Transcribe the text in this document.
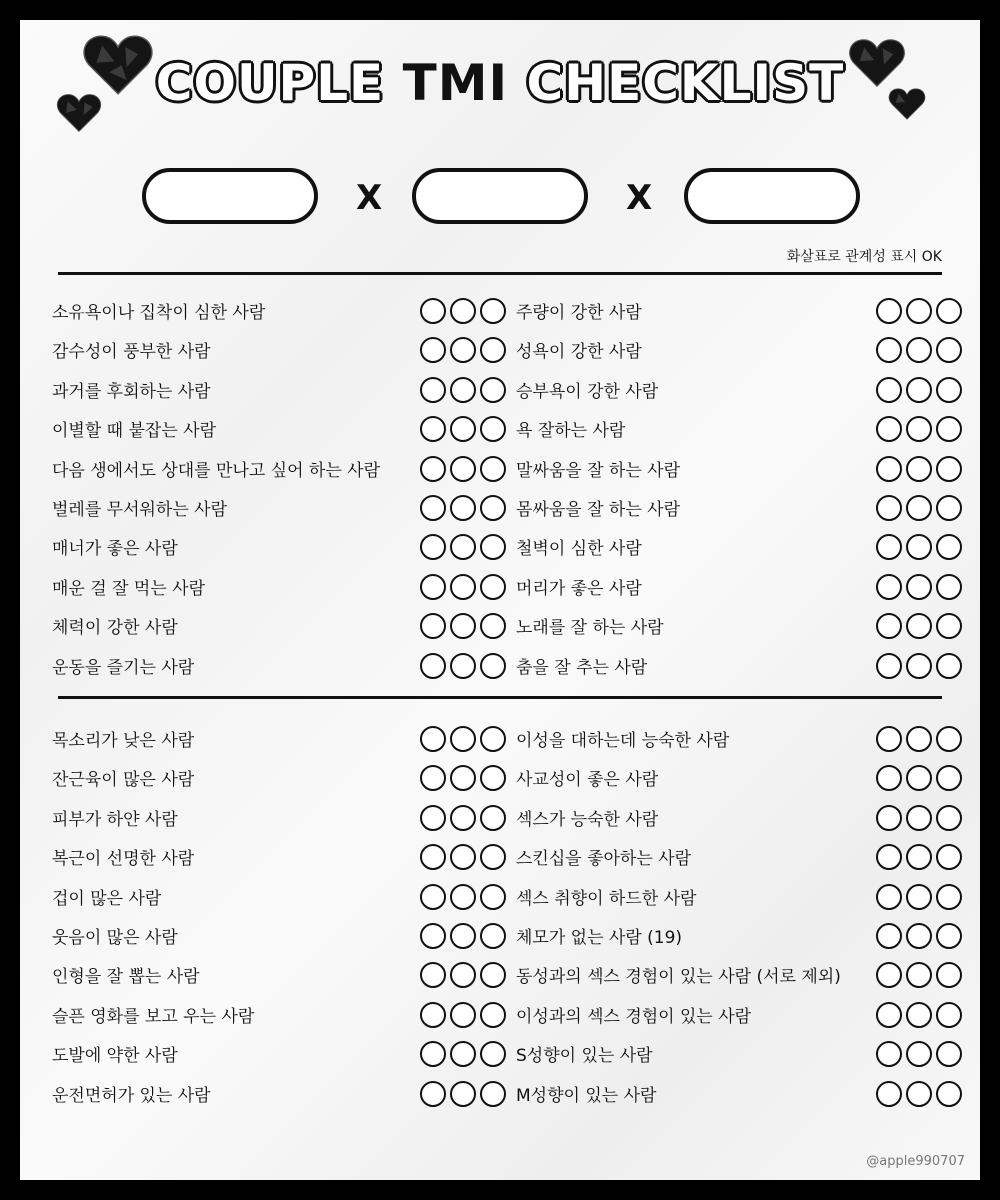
COUPLE TMI CHECKLIST
X	X
화살표로 관계성 표시 OK
소유욕이나 집착이 심한 사람
감수성이 풍부한 사람
과거를 후회하는 사람
이별할 때 붙잡는 사람
다음 생에서도 상대를 만나고 싶어 하는 사람
벌레를 무서워하는 사람
매너가 좋은 사람
매운 걸 잘 먹는 사람
체력이 강한 사람
운동을 즐기는 사람
주량이 강한 사람
성욕이 강한 사람
승부욕이 강한 사람
욕 잘하는 사람
말싸움을 잘 하는 사람
몸싸움을 잘 하는 사람
철벽이 심한 사람
머리가 좋은 사람
노래를 잘 하는 사람
춤을 잘 추는 사람
목소리가 낮은 사람
잔근육이 많은 사람
피부가 하얀 사람
복근이 선명한 사람
겁이 많은 사람
웃음이 많은 사람
인형을 잘 뽑는 사람
슬픈 영화를 보고 우는 사람
도발에 약한 사람
운전면허가 있는 사람
이성을 대하는데 능숙한 사람
사교성이 좋은 사람
섹스가 능숙한 사람
스킨십을 좋아하는 사람
섹스 취향이 하드한 사람
체모가 없는 사람 (19)
동성과의 섹스 경험이 있는 사람 (서로 제외)
이성과의 섹스 경험이 있는 사람
S성향이 있는 사람
M성향이 있는 사람
@apple990707
